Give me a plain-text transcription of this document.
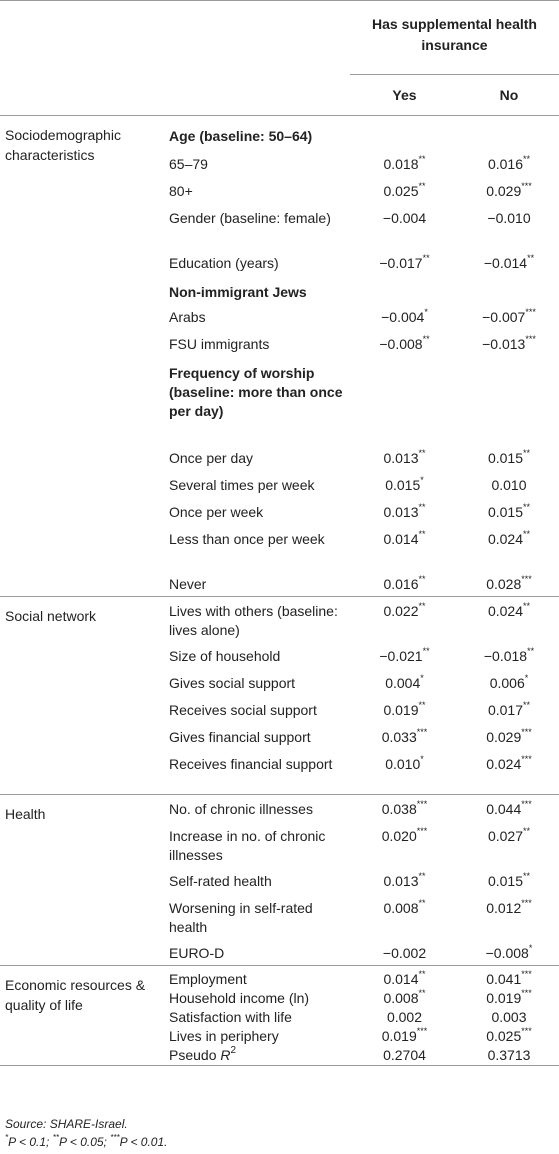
		Has supplemental health insurance	
		Yes	No
Sociodemographic characteristics	Age (baseline: 50–64)		
	65–79	0.018**	0.016**
	80+	0.025**	0.029***
	Gender (baseline: female)	−0.004	−0.010
	Education (years)	−0.017**	−0.014**
	Non-immigrant Jews		
	Arabs	−0.004*	−0.007***
	FSU immigrants	−0.008**	−0.013***
	Frequency of worship (baseline: more than once per day)		
	Once per day	0.013**	0.015**
	Several times per week	0.015*	0.010
	Once per week	0.013**	0.015**
	Less than once per week	0.014**	0.024**
	Never	0.016**	0.028***
Social network	Lives with others (baseline: lives alone)	0.022**	0.024**
	Size of household	−0.021**	−0.018**
	Gives social support	0.004*	0.006*
	Receives social support	0.019**	0.017**
	Gives financial support	0.033***	0.029***
	Receives financial support	0.010*	0.024***
Health	No. of chronic illnesses	0.038***	0.044***
	Increase in no. of chronic illnesses	0.020***	0.027**
	Self-rated health	0.013**	0.015**
	Worsening in self-rated health	0.008**	0.012***
	EURO-D	−0.002	−0.008*
Economic resources & quality of life	Employment	0.014**	0.041***
	Household income (ln)	0.008**	0.019***
	Satisfaction with life	0.002	0.003
	Lives in periphery	0.019***	0.025***
	Pseudo $R^2$	0.2704	0.3713
Source: SHARE-Israel.
*P < 0.1; **P < 0.05; ***P < 0.01.
